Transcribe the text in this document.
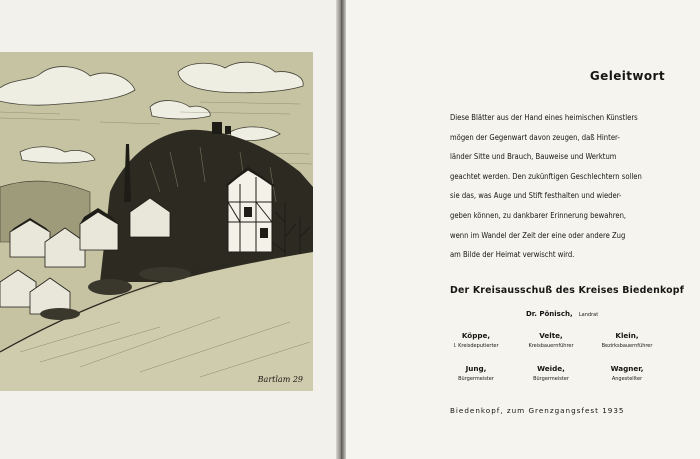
Bartlam 29
Geleitwort
Diese Blätter aus der Hand eines heimischen Künstlers
mögen der Gegenwart davon zeugen, daß Hinter-
länder Sitte und Brauch, Bauweise und Werktum
geachtet werden. Den zukünftigen Geschlechtern sollen
sie das, was Auge und Stift festhalten und wieder-
geben können, zu dankbarer Erinnerung bewahren,
wenn im Wandel der Zeit der eine oder andere Zug
am Bilde der Heimat verwischt wird.
Der Kreisausschuß des Kreises Biedenkopf
Dr. Pönisch, Landrat
Köppe,
I. Kreisdeputierter
Velte,
Kreisbauernführer
Klein,
Bezirksbauernführer
Jung,
Bürgermeister
Weide,
Bürgermeister
Wagner,
Angestellter
Biedenkopf, zum Grenzgangsfest 1935
